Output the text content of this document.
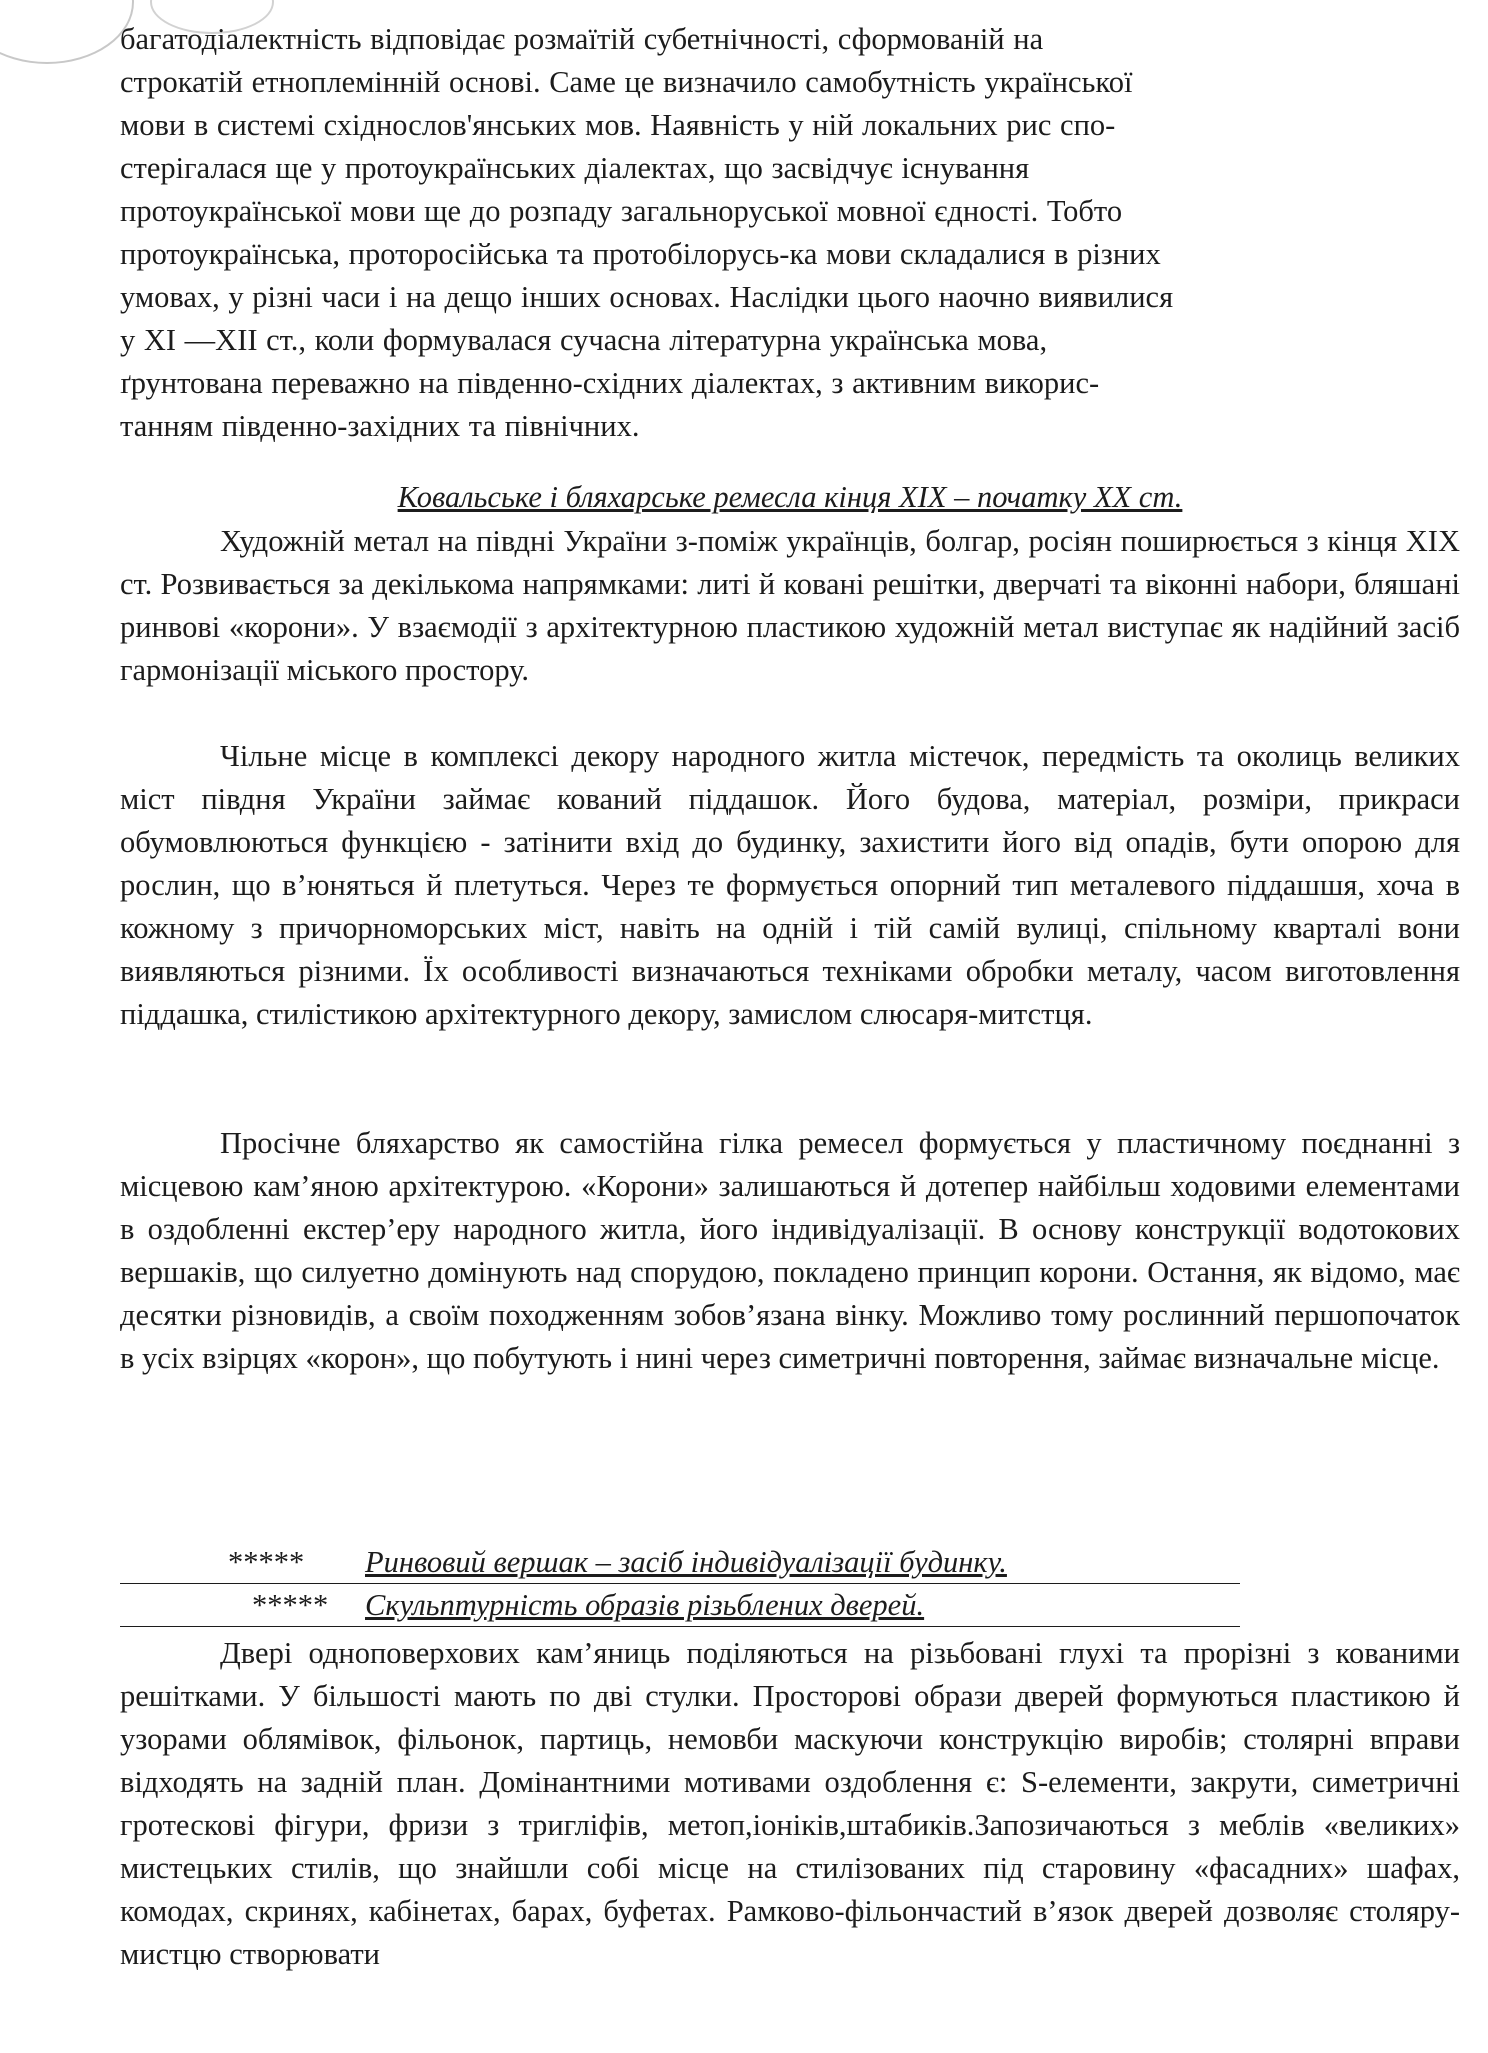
багатодіалектність відповідає розмаїтій субетнічності, сформованій на

строкатій етноплемінній основі. Саме це визначило самобутність української

мови в системі східнослов'янських мов. Наявність у ній локальних рис спо-

стерігалася ще у протоукраїнських діалектах, що засвідчує існування

протоукраїнської мови ще до розпаду загальноруської мовної єдності. Тобто

протоукраїнська, проторосійська та протобілорусь-ка мови складалися в різних

умовах, у різні часи і на дещо інших основах. Наслідки цього наочно виявилися

у XI —XII ст., коли формувалася сучасна літературна українська мова,

ґрунтована переважно на південно-східних діалектах, з активним викорис-

танням південно-західних та північних.

Ковальське і бляхарське ремесла кінця XIX – початку XX ст.
Художній метал на півдні України з-поміж українців, болгар, росіян поширюється з кінця XIX ст. Розвивається за декількома напрямками: литі й ковані решітки, дверчаті та віконні набори, бляшані ринвові «корони». У взаємодії з архітектурною пластикою художній метал виступає як надійний засіб гармонізації міського простору.
Чільне місце в комплексі декору народного житла містечок, передмість та околиць великих міст півдня України займає кований піддашок. Його будова, матеріал, розміри, прикраси обумовлюються функцією - затінити вхід до будинку, захистити його від опадів, бути опорою для рослин, що в’юняться й плетуться. Через те формується опорний тип металевого піддашшя, хоча в кожному з причорноморських міст, навіть на одній і тій самій вулиці, спільному кварталі вони виявляються різними. Їх особливості визначаються техніками обробки металу, часом виготовлення піддашка, стилістикою архітектурного декору, замислом слюсаря-митстця.
Просічне бляхарство як самостійна гілка ремесел формується у пластичному поєднанні з місцевою кам’яною архітектурою. «Корони» залишаються й дотепер найбільш ходовими елементами в оздобленні екстер’еру народного житла, його індивідуалізації. В основу конструкції водотокових вершаків, що силуетно домінують над спорудою, покладено принцип корони. Остання, як відомо, має десятки різновидів, а своїм походженням зобов’язана вінку. Можливо тому рослинний першопочаток в усіх взірцях «корон», що побутують і нині через симетричні повторення, займає визначальне місце.
***** Ринвовий вершак – засіб індивідуалізації будинку.
***** Скульптурність образів різьблених дверей.
Двері одноповерхових кам’яниць поділяються на різьбовані глухі та прорізні з кованими решітками. У більшості мають по дві стулки. Просторові образи дверей формуються пластикою й узорами облямівок, фільонок, партиць, немовби маскуючи конструкцію виробів; столярні вправи відходять на задній план. Домінантними мотивами оздоблення є: S-елементи, закрути, симетричні гротескові фігури, фризи з тригліфів, метоп,іоніків,штабиків.Запозичаються з меблів «великих» мистецьких стилів, що знайшли собі місце на стилізованих під старовину «фасадних» шафах, комодах, скринях, кабінетах, барах, буфетах. Рамково-фільончастий в’язок дверей дозволяє столяру-мистцю створювати
